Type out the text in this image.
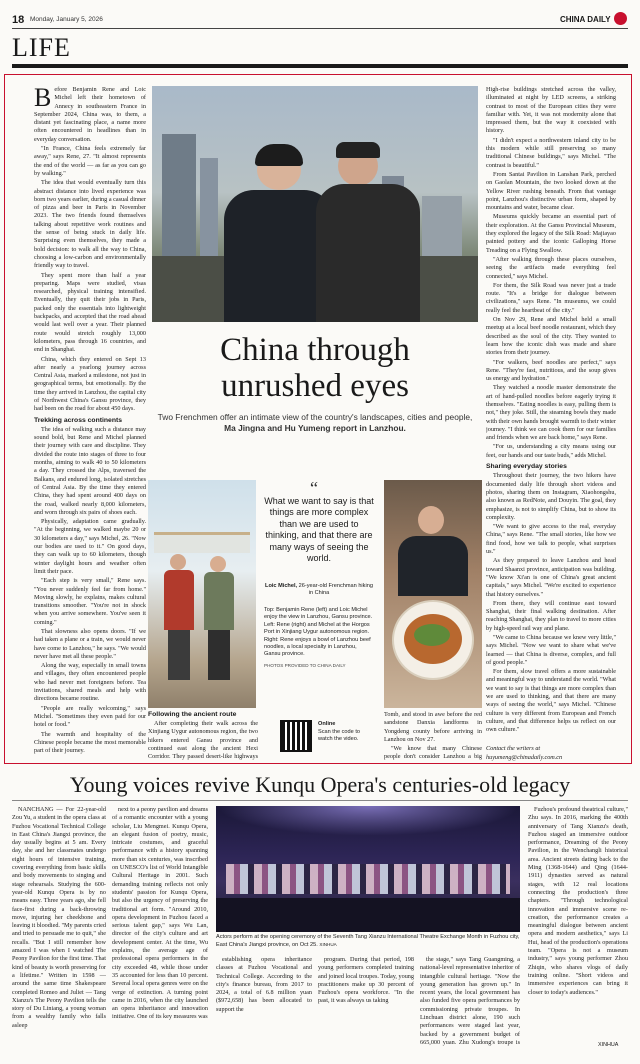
18 Monday, January 5, 2026	CHINA DAILY
LIFE
B efore Benjamin Rene and Loic Michel left their hometown of Annecy in southeastern France in September 2024, China was, to them, a distant yet fascinating place, a name more often encountered in headlines than in everyday conversation.

"In France, China feels extremely far away," says Rene, 27. "It almost represents the end of the world — as far as you can go by walking."

The idea that would eventually turn this abstract distance into lived experience was born two years earlier, during a casual dinner of pizza and beer in Paris in November 2023. The two friends found themselves talking about repetitive work routines and the sense of being stuck in daily life. Surprising even themselves, they made a bold decision: to walk all the way to China, choosing a low-carbon and environmentally friendly way to travel.

They spent more than half a year preparing. Maps were studied, visas researched, physical training intensified. Eventually, they quit their jobs in Paris, packed only the essentials into lightweight backpacks, and accepted that the road ahead would last well over a year. Their planned route would stretch roughly 13,000 kilometers, pass through 16 countries, and end in Shanghai.

China, which they entered on Sept 13 after nearly a yearlong journey across Central Asia, marked a milestone, not just in geographical terms, but emotionally. By the time they arrived in Lanzhou, the capital city of Northwest China's Gansu province, they had been on the road for about 450 days.

Trekking across continents

The idea of walking such a distance may sound bold, but Rene and Michel planned their journey with care and discipline. They divided the route into stages of three to four months, aiming to walk 40 to 50 kilometers a day. They crossed the Alps, traversed the Balkans, and endured long, isolated stretches of Central Asia. By the time they entered China, they had spent around 400 days on the road, walked nearly 8,000 kilometers, and worn through six pairs of shoes each.

Physically, adaptation came gradually. "At the beginning, we walked maybe 20 or 30 kilometers a day," says Michel, 26. "Now our bodies are used to it." On good days, they can walk up to 60 kilometers, though winter daylight hours and weather often limit their pace.

"Each step is very small," Rene says. "You never suddenly feel far from home." Moving slowly, he explains, makes cultural transitions smoother. "You're not in shock when you arrive somewhere. You've seen it coming."

That slowness also opens doors. "If we had taken a plane or a train, we would never have come to Lanzhou," he says. "We would never have met all these people."

Along the way, especially in small towns and villages, they often encountered people who had never met foreigners before. Tea invitations, shared meals and help with directions became routine.

"People are really welcoming," says Michel. "Sometimes they even paid for our hotel or food."

The warmth and hospitality of the Chinese people became the most memorable part of their journey.

China through
unrushed eyes
Two Frenchmen offer an intimate view of the country's landscapes, cities and people, Ma Jingna and Hu Yumeng report in Lanzhou.
Following the ancient route
After completing their walk across the Xinjiang Uygur autonomous region, the two hikers entered Gansu province and continued east along the ancient Hexi Corridor. They passed desert-like highways
“
What we want to say is that things are more complex than we are used to thinking, and that there are many ways of seeing the world.
Loic Michel, 26-year-old Frenchman hiking in China
Top: Benjamin Rene (left) and Loic Michel enjoy the view in Lanzhou, Gansu province. Left: Rene (right) and Michel at the Horgos Port in Xinjiang Uygur autonomous region. Right: Rene enjoys a bowl of Lanzhou beef noodles, a local specialty in Lanzhou, Gansu province.
PHOTOS PROVIDED TO CHINA DAILY
Online
Scan the code to watch the video.

Tomb, and stood in awe before the red sandstone Danxia landforms in Yongdeng county before arriving in Lanzhou on Nov 27.

"We know that many Chinese people don't consider Lanzhou a big

High-rise buildings stretched across the valley, illuminated at night by LED screens, a striking contrast to most of the European cities they were familiar with. Yet, it was not modernity alone that impressed them, but the way it coexisted with history.

"I didn't expect a northwestern inland city to be this modern while still preserving so many traditional Chinese buildings," says Michel. "The contrast is beautiful."

From Santai Pavilion in Lanshan Park, perched on Gaolan Mountain, the two looked down at the Yellow River rushing beneath. From that vantage point, Lanzhou's distinctive urban form, shaped by mountains and water, became clear.

Museums quickly became an essential part of their exploration. At the Gansu Provincial Museum, they explored the legacy of the Silk Road: Majiayao painted pottery and the iconic Galloping Horse Treading on a Flying Swallow.

"After walking through these places ourselves, seeing the artifacts made everything feel connected," says Michel.

For them, the Silk Road was never just a trade route. "It's a bridge for dialogue between civilizations," says Rene. "In museums, we could really feel the heartbeat of the city."

On Nov 29, Rene and Michel held a small meetup at a local beef noodle restaurant, which they described as the soul of the city. They wanted to learn how the iconic dish was made and share stories from their journey.

"For walkers, beef noodles are perfect," says Rene. "They're fast, nutritious, and the soup gives us energy and hydration."

They watched a noodle master demonstrate the art of hand-pulled noodles before eagerly trying it themselves. "Eating noodles is easy, pulling them is not," they joke. Still, the steaming bowls they made with their own hands brought warmth to their winter journey. "I think we can cook them for our families and friends when we are back home," says Rene.

"For us, understanding a city means using our feet, our hands and our taste buds," adds Michel.

Sharing everyday stories

Throughout their journey, the two hikers have documented daily life through short videos and photos, sharing them on Instagram, Xiaohongshu, also known as RedNote, and Douyin. The goal, they emphasize, is not to simplify China, but to show its complexity.

"We want to give access to the real, everyday China," says Rene. "The small stories, like how we find food, how we talk to people, what surprises us."

As they prepared to leave Lanzhou and head toward Shaanxi province, anticipation was building. "We know Xi'an is one of China's great ancient capitals," says Michel. "We're excited to experience that history ourselves."

From there, they will continue east toward Shanghai, their final walking destination. After reaching Shanghai, they plan to travel to more cities by high-speed rail way and plane.

"We came to China because we knew very little," says Michel. "Now we want to share what we've learned — that China is diverse, complex, and full of good people."

For them, slow travel offers a more sustainable and meaningful way to understand the world. "What we want to say is that things are more complex than we are used to thinking, and that there are many ways of seeing the world," says Michel. "Chinese culture is very different from European and French culture, and that difference helps us reflect on our own culture."

Contact the writers at
huyumeng@chinadaily.com.cn
Young voices revive Kunqu Opera's centuries-old legacy
NANCHANG — For 22-year-old Zou Yu, a student in the opera class at Fuzhou Vocational Technical College in East China's Jiangxi province, the day usually begins at 5 am. Every day, she and her classmates undergo eight hours of intensive training, covering everything from basic skills and body movements to singing and stage rehearsals. Studying the 600-year-old Kunqu Opera is by no means easy. Three years ago, she fell face-first during a back-throwing move, injuring her cheekbone and leaving it bloodied. "My parents cried and tried to persuade me to quit," she recalls. "But I still remember how amazed I was when I watched The Peony Pavilion for the first time. That kind of beauty is worth preserving for a lifetime." Written in 1598 — around the same time Shakespeare completed Romeo and Juliet — Tang Xianzu's The Peony Pavilion tells the story of Du Liniang, a young woman from a wealthy family who falls asleep
next to a peony pavilion and dreams of a romantic encounter with a young scholar, Liu Mengmei. Kunqu Opera, an elegant fusion of poetry, music, intricate costumes, and graceful performance with a history spanning more than six centuries, was inscribed on UNESCO's list of World Intangible Cultural Heritage in 2001. Such demanding training reflects not only students' passion for Kunqu Opera, but also the urgency of preserving the traditional art form. "Around 2010, opera development in Fuzhou faced a serious talent gap," says Wu Lan, director of the city's culture and art development center. At the time, Wu explains, the average age of professional opera performers in the city exceeded 48, while those under 35 accounted for less than 10 percent. Several local opera genres were on the verge of extinction. A turning point came in 2016, when the city launched an opera inheritance and innovation initiative. One of its key measures was
Actors perform at the opening ceremony of the Seventh Tang Xianzu International Theatre Exchange Month in Fuzhou city, East China's Jiangxi province, on Oct 25. XINHUA
establishing opera inheritance classes at Fuzhou Vocational and Technical College. According to the city's finance bureau, from 2017 to 2024, a total of 6.8 million yuan ($972,658) has been allocated to support the
program. During that period, 198 young performers completed training and joined local troupes. Today, young practitioners make up 30 percent of Fuzhou's opera workforce. "In the past, it was always us taking
the stage," says Tang Guangming, a national-level representative inheritor of intangible cultural heritage. "Now the young generation has grown up." In recent years, the local government has also funded five opera performances by commissioning private troupes. In Linchuan district alone, 190 such performances were staged last year, backed by a government budget of 665,000 yuan. Zhu Xudong's troupe is
Fuzhou's profound theatrical culture," Zhu says. In 2016, marking the 400th anniversary of Tang Xianzu's death, Fuzhou staged an immersive outdoor performance, Dreaming of the Peony Pavilion, in the Wenchangli historical area. Ancient streets dating back to the Ming (1368-1644) and Qing (1644-1911) dynasties served as natural stages, with 12 real locations connecting the production's three chapters. "Through technological innovation and immersive scene re-creation, the performance creates a meaningful dialogue between ancient opera and modern aesthetics," says Li Hui, head of the production's operations team. "Opera is not a museum industry," says young performer Zhou Zhiqin, who shares vlogs of daily training online. "Short videos and immersive experiences can bring it closer to today's audiences."
XINHUA
